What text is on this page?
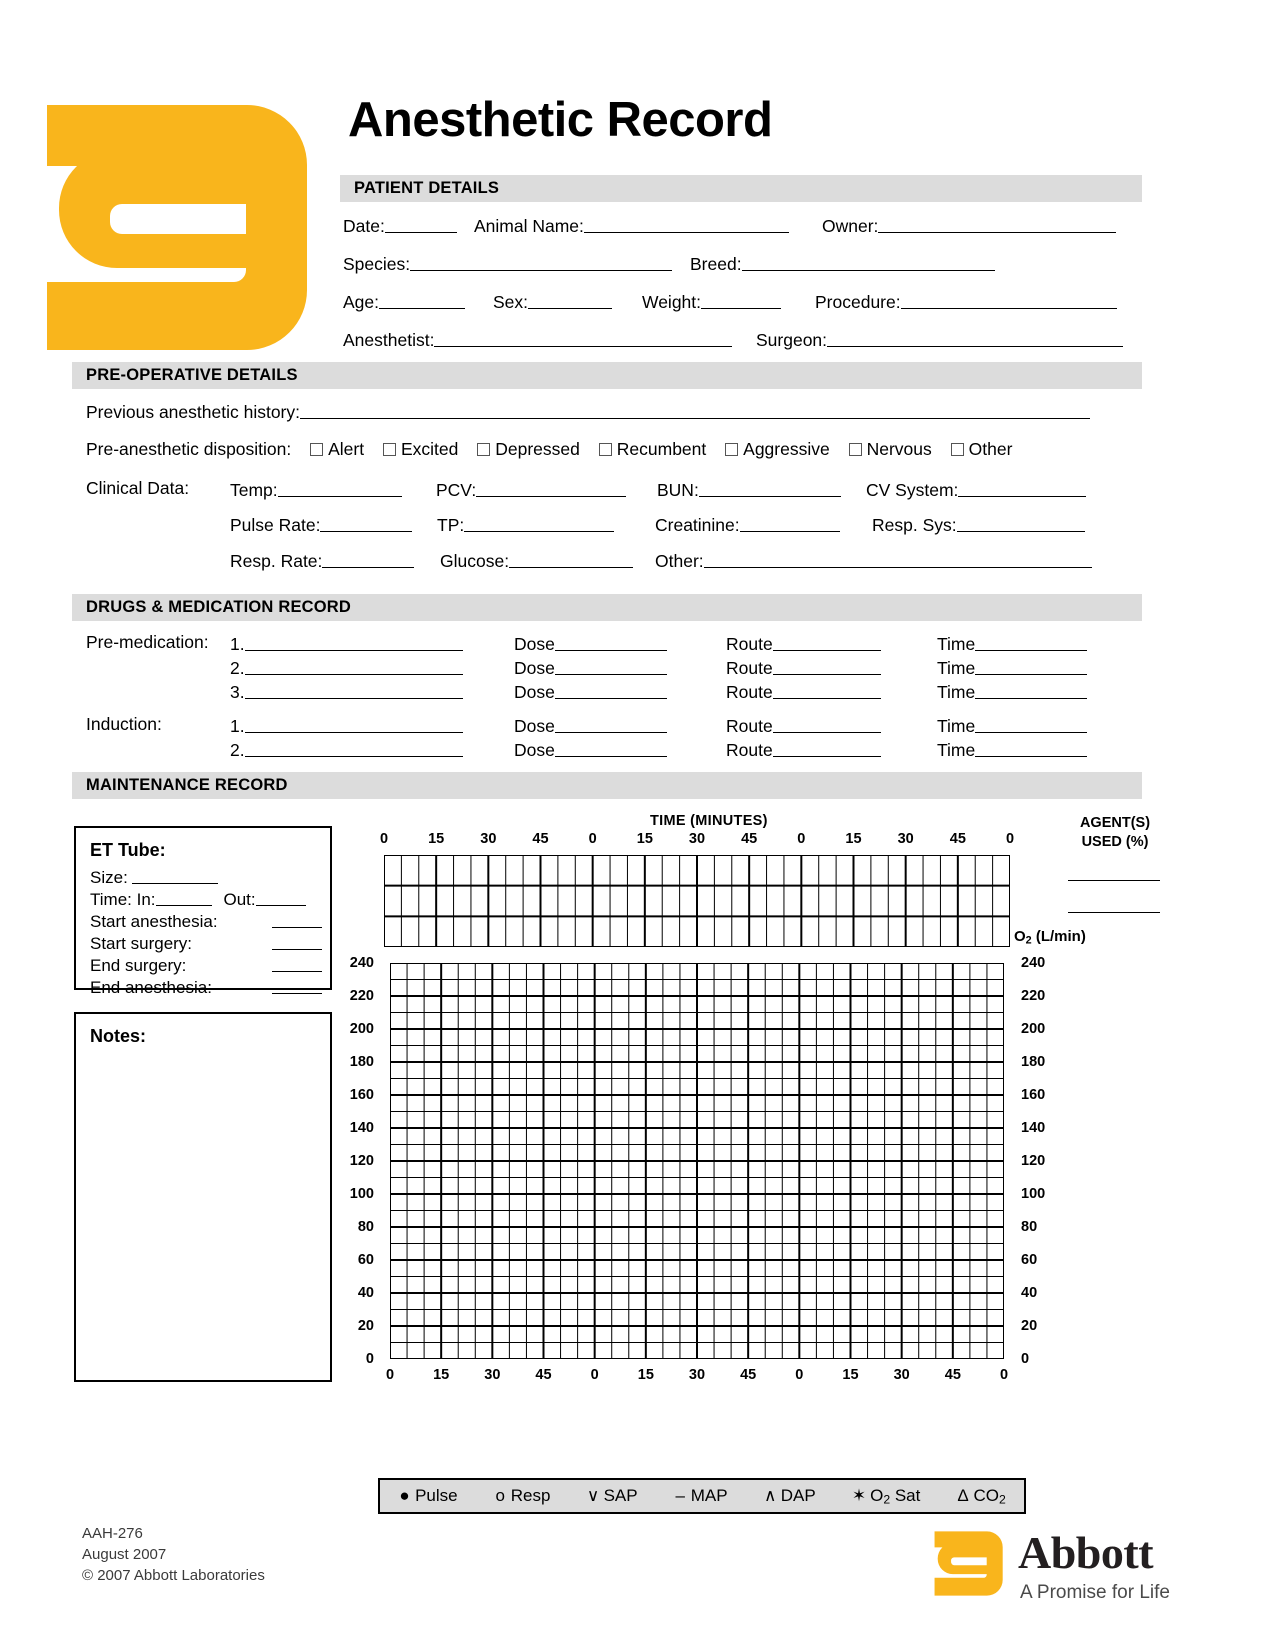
Anesthetic Record
PATIENT DETAILS
Date:	Animal Name:	Owner:
Species:	Breed:
Age:	Sex:	Weight:	Procedure:
Anesthetist:	Surgeon:
PRE-OPERATIVE DETAILS
Previous anesthetic history:
Pre-anesthetic disposition: Alert Excited Depressed Recumbent Aggressive Nervous Other
Clinical Data: Temp:	PCV:	BUN:	CV System:
Pulse Rate:	TP:	Creatinine:	Resp. Sys:
Resp. Rate:	Glucose:	Other:
DRUGS & MEDICATION RECORD
Pre-medication: 1.	Dose	Route	Time
2.	Dose	Route	Time
3.	Dose	Route	Time
Induction:	1.	Dose	Route	Time
2.	Dose	Route	Time
MAINTENANCE RECORD
ET Tube:
Size:
Time: In:	Out:
Start anesthesia:
Start surgery:
End surgery:
End anesthesia:
Notes:
TIME (MINUTES)
0	15 30 45	0	15 30 45	0	15 30 45	0
AGENT(S)
USED (%)
$O_2$ (L/min)
240
220
200
180
160
140
120
100
80
60
40
20
0
240
220
200
180
160
140
120
100
80
60
40
20
0
0	15 30 45	0	15 30 45	0	15 30 45	0
● Pulse o Resp ∨ SAP – MAP ∧ DAP ✶ $O_2$ Sat Δ $CO_2$
AAH-276
August 2007
© 2007 Abbott Laboratories	Abbott
A Promise for Life
